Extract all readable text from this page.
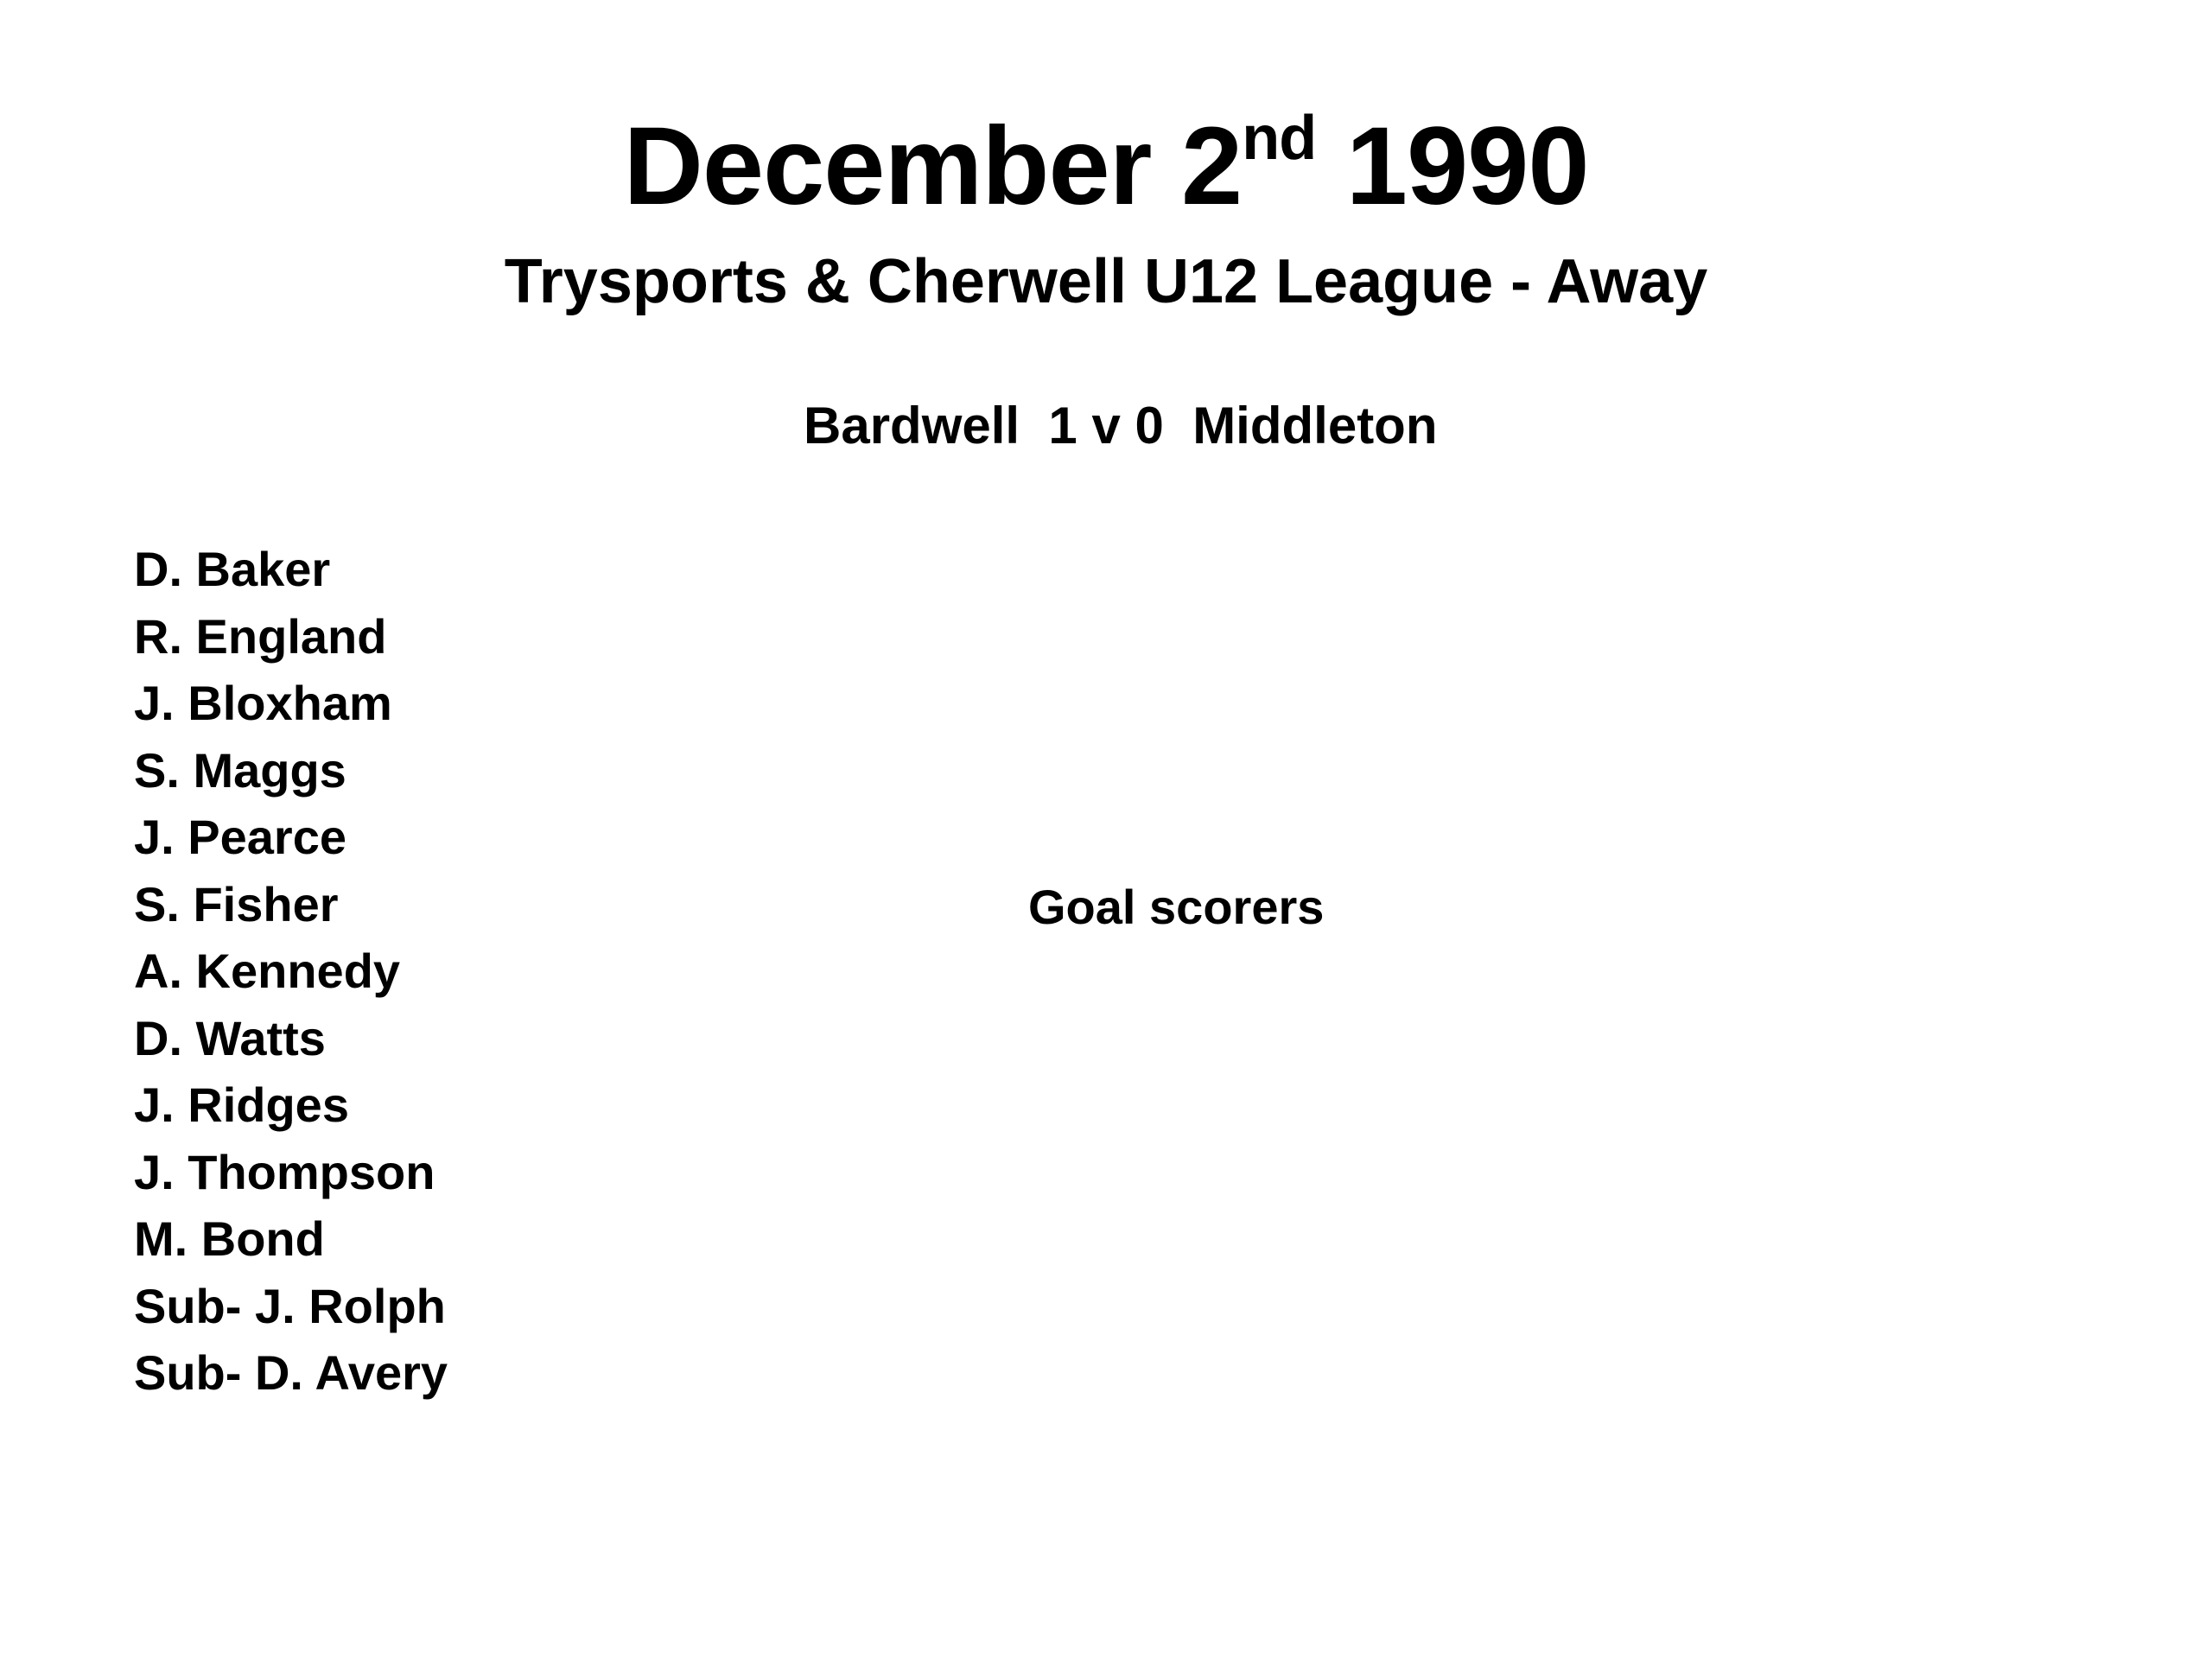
December 2nd 1990
Trysports & Cherwell U12 League - Away

Bardwell  1 v 0  Middleton

D. Baker
R. England
J. Bloxham
S. Maggs
J. Pearce
S. Fisher
A. Kennedy
D. Watts
J. Ridges
J. Thompson
M. Bond
Sub- J. Rolph
Sub- D. Avery

Goal scorers
